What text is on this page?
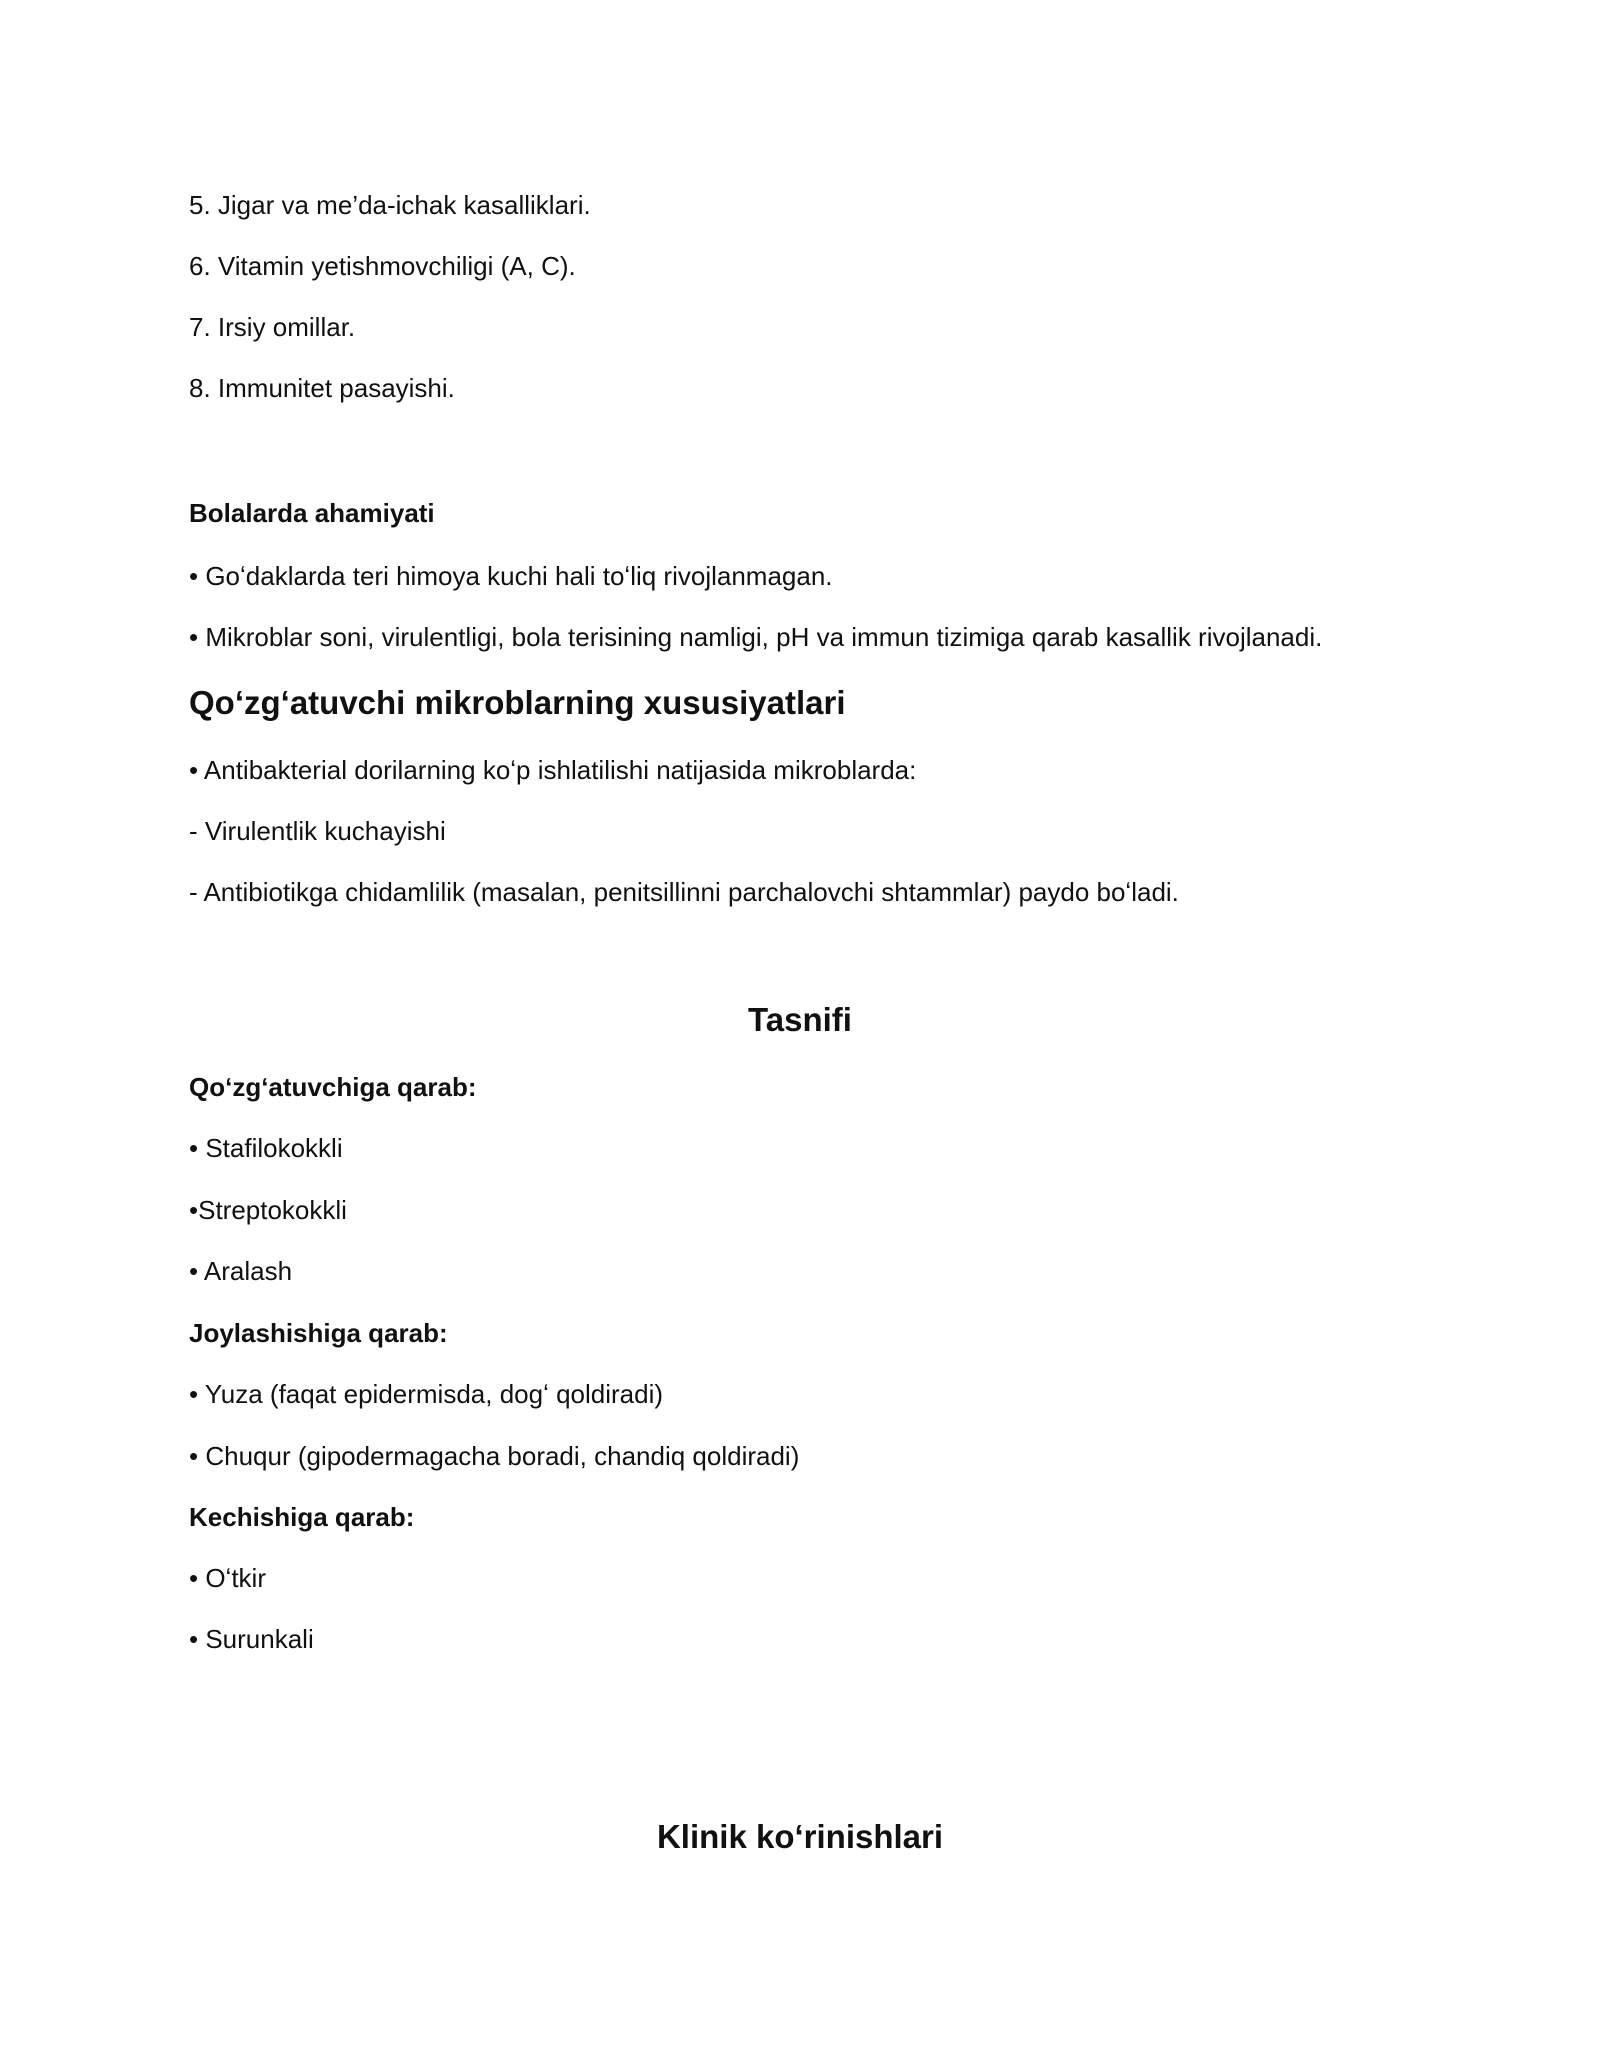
5. Jigar va me’da-ichak kasalliklari.
6. Vitamin yetishmovchiligi (A, C).
7. Irsiy omillar.
8. Immunitet pasayishi.
Bolalarda ahamiyati
• Goʻdaklarda teri himoya kuchi hali toʻliq rivojlanmagan.
• Mikroblar soni, virulentligi, bola terisining namligi, pH va immun tizimiga qarab kasallik rivojlanadi.
Qoʻzgʻatuvchi mikroblarning xususiyatlari
• Antibakterial dorilarning koʻp ishlatilishi natijasida mikroblarda:
- Virulentlik kuchayishi
- Antibiotikga chidamlilik (masalan, penitsillinni parchalovchi shtammlar) paydo boʻladi.
Tasnifi
Qoʻzgʻatuvchiga qarab:
• Stafilokokkli
•Streptokokkli
• Aralash
Joylashishiga qarab:
• Yuza (faqat epidermisda, dogʻ qoldiradi)
• Chuqur (gipodermagacha boradi, chandiq qoldiradi)
Kechishiga qarab:
• Oʻtkir
• Surunkali
Klinik koʻrinishlari
